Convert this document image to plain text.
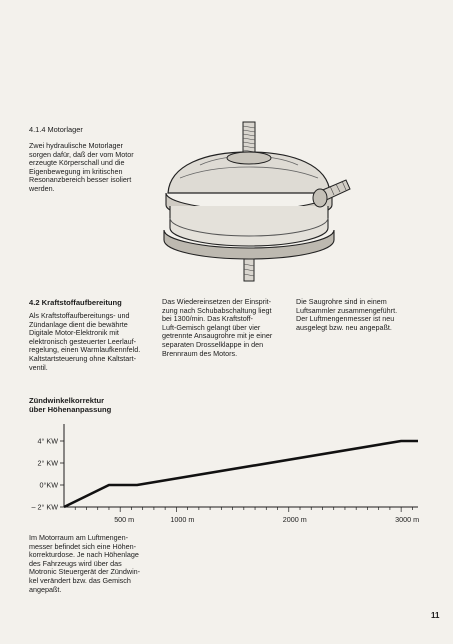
4.1.4 Motorlager
Zwei hydraulische Motorlager
sorgen dafür, daß der vom Motor
erzeugte Körperschall und die
Eigenbewegung im kritischen
Resonanzbereich besser isoliert
werden.
4.2 Kraftstoffaufbereitung
Als Kraftstoffaufbereitungs- und
Zündanlage dient die bewährte
Digitale Motor-Elektronik mit
elektronisch gesteuerter Leerlauf-
regelung, einen Warmlaufkennfeld.
Kaltstartsteuerung ohne Kaltstart-
ventil.
Das Wiedereinsetzen der Einsprit-
zung nach Schubabschaltung liegt
bei 1300/min. Das Kraftstoff-
Luft-Gemisch gelangt über vier
getrennte Ansaugrohre mit je einer
separaten Drosselklappe in den
Brennraum des Motors.
Die Saugrohre sind in einem
Luftsammler zusammengeführt.
Der Luftmengenmesser ist neu
ausgelegt bzw. neu angepaßt.
Zündwinkelkorrektur
über Höhenanpassung
500 m	1000 m	2000 m	3000 m
– 2° KW
0°KW
2° KW
4° KW
Im Motorraum am Luftmengen-
messer befindet sich eine Höhen-
korrekturdose. Je nach Höhenlage
des Fahrzeugs wird über das
Motronic Steuergerät der Zündwin-
kel verändert bzw. das Gemisch
angepaßt.
11
